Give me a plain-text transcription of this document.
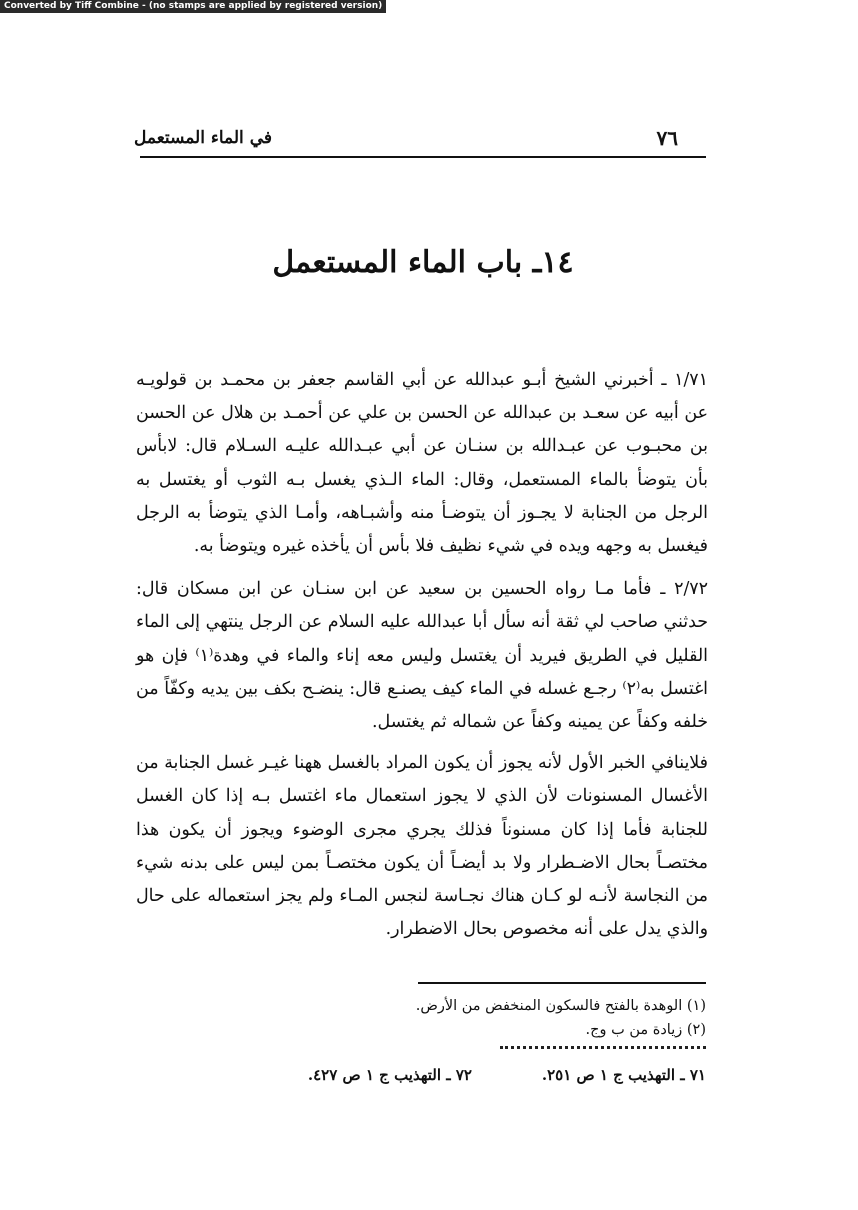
Converted by Tiff Combine - (no stamps are applied by registered version)
٧٦
في الماء المستعمل
١٤ـ باب الماء المستعمل

١/٧١ ـ أخبرني الشيخ أبـو عبدالله عن أبي القاسم جعفر بن محمـد بن قولويـه عن أبيه عن سعـد بن عبدالله عن الحسن بن علي عن أحمـد بن هلال عن الحسن بن محبـوب عن عبـدالله بن سنـان عن أبي عبـدالله عليـه السـلام قال: لابأس بأن يتوضأ بالماء المستعمل، وقال: الماء الـذي يغسل بـه الثوب أو يغتسل به الرجل من الجنابة لا يجـوز أن يتوضـأ منه وأشبـاهه، وأمـا الذي يتوضأ به الرجل فيغسل به وجهه ويده في شيء نظيف فلا بأس أن يأخذه غيره ويتوضأ به.

٢/٧٢ ـ فأما مـا رواه الحسين بن سعيد عن ابن سنـان عن ابن مسكان قال: حدثني صاحب لي ثقة أنه سأل أبا عبدالله عليه السلام عن الرجل ينتهي إلى الماء القليل في الطريق فيريد أن يغتسل وليس معه إناء والماء في وهدة⁽١⁾ فإن هو اغتسل به⁽٢⁾ رجـع غسله في الماء كيف يصنـع قال: ينضـح بكف بين يديه وكفّاً من خلفه وكفاً عن يمينه وكفاً عن شماله ثم يغتسل.

فلاينافي الخبر الأول لأنه يجوز أن يكون المراد بالغسل ههنا غيـر غسل الجنابة من الأغسال المسنونات لأن الذي لا يجوز استعمال ماء اغتسل بـه إذا كان الغسل للجنابة فأما إذا كان مسنوناً فذلك يجري مجرى الوضوء ويجوز أن يكون هذا مختصـاً بحال الاضـطرار ولا بد أيضـاً أن يكون مختصـاً بمن ليس على بدنه شيء من النجاسة لأنـه لو كـان هناك نجـاسة لنجس المـاء ولم يجز استعماله على حال والذي يدل على أنه مخصوص بحال الاضطرار.

(١) الوهدة بالفتح فالسكون المنخفض من الأرض.
(٢) زيادة من ب وج.
٧١ ـ التهذيب ج ١ ص ٢٥١.
٧٢ ـ التهذيب ج ١ ص ٤٢٧.
